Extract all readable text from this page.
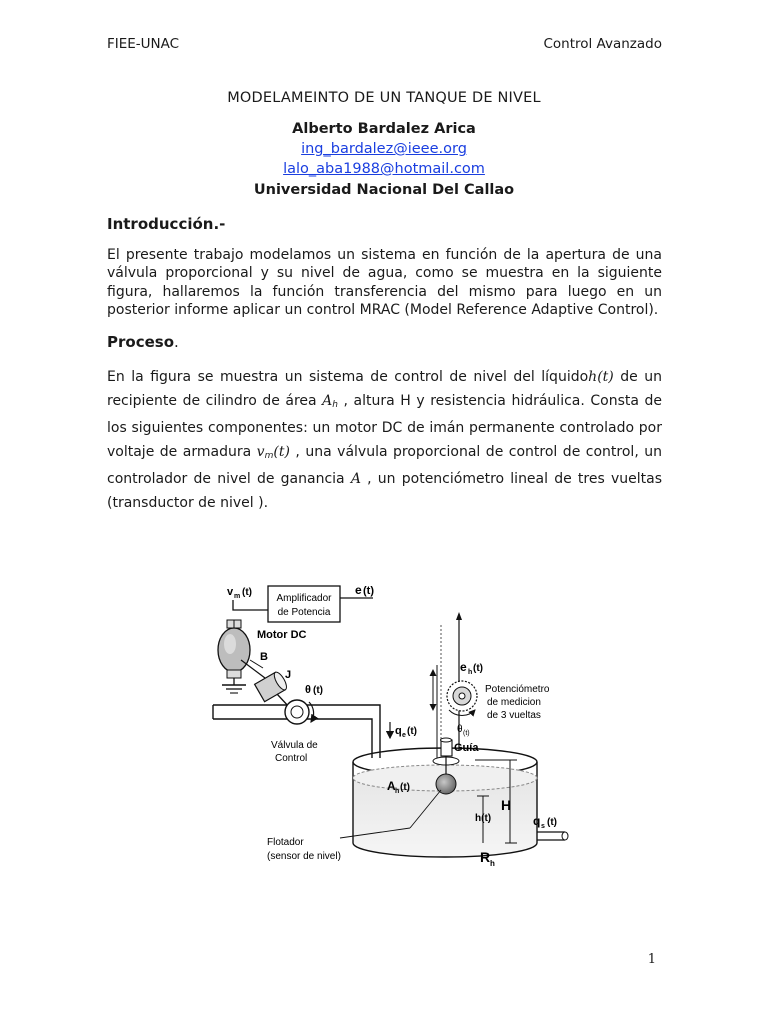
FIEE-UNAC	Control Avanzado
MODELAMEINTO DE UN TANQUE DE NIVEL
Alberto Bardalez Arica
ing_bardalez@ieee.org
lalo_aba1988@hotmail.com
Universidad Nacional Del Callao
Introducción.-
El presente trabajo modelamos un sistema en función de la apertura de una válvula proporcional y su nivel de agua, como se muestra en la siguiente figura, hallaremos la función transferencia del mismo para luego en un posterior informe aplicar un control MRAC (Model Reference Adaptive Control).
Proceso.
En la figura se muestra un sistema de control de nivel del líquidoh(t) de un recipiente de cilindro de área $A_h$ , altura H y resistencia hidráulica. Consta de los siguientes componentes: un motor DC de imán permanente controlado por voltaje de armadura $v_m(t)$ , una válvula proporcional de control de control, un controlador de nivel de ganancia A , un potenciómetro lineal de tres vueltas (transductor de nivel ).
Amplificador
de Potencia
e (t)
v m (t)
Motor DC
B
J
θ (t)
Válvula de
Control
q e (t)
e h (t)
Potenciómetro
de medicion
de 3 vueltas
θ (t)
Guía
A h (t)
H
h(t)	q s (t)
R h
Flotador
(sensor de nivel)
1
